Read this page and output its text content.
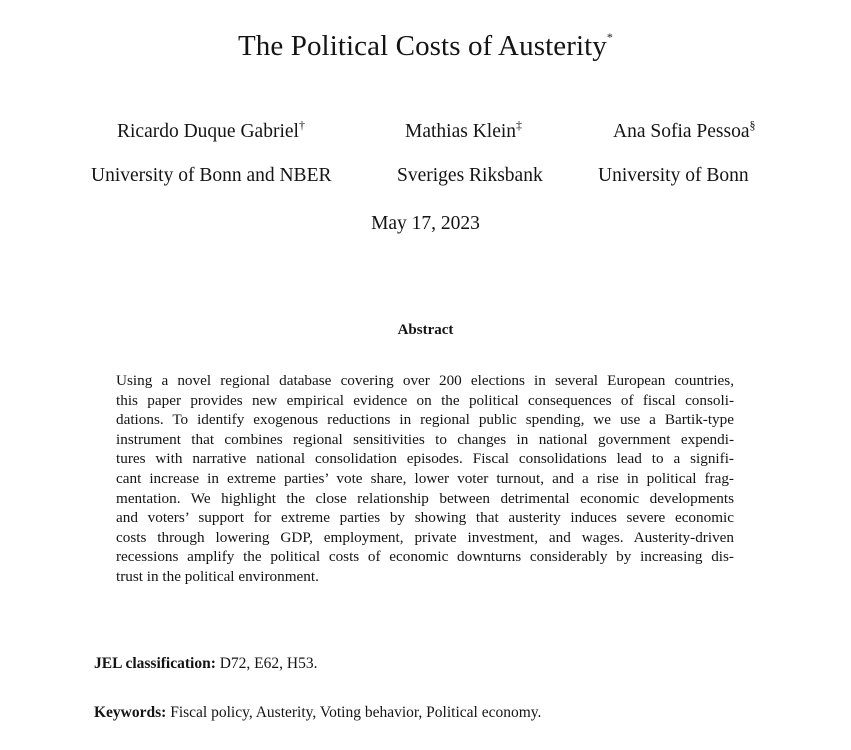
The Political Costs of Austerity*
Ricardo Duque Gabriel†	Mathias Klein‡	Ana Sofia Pessoa§
University of Bonn and NBER	Sveriges Riksbank	University of Bonn
May 17, 2023
Abstract
Using a novel regional database covering over 200 elections in several European countries,
this paper provides new empirical evidence on the political consequences of fiscal consoli-
dations. To identify exogenous reductions in regional public spending, we use a Bartik-type
instrument that combines regional sensitivities to changes in national government expendi-
tures with narrative national consolidation episodes. Fiscal consolidations lead to a signifi-
cant increase in extreme parties’ vote share, lower voter turnout, and a rise in political frag-
mentation. We highlight the close relationship between detrimental economic developments
and voters’ support for extreme parties by showing that austerity induces severe economic
costs through lowering GDP, employment, private investment, and wages. Austerity-driven
recessions amplify the political costs of economic downturns considerably by increasing dis-
trust in the political environment.
JEL classification: D72, E62, H53.
Keywords: Fiscal policy, Austerity, Voting behavior, Political economy.
